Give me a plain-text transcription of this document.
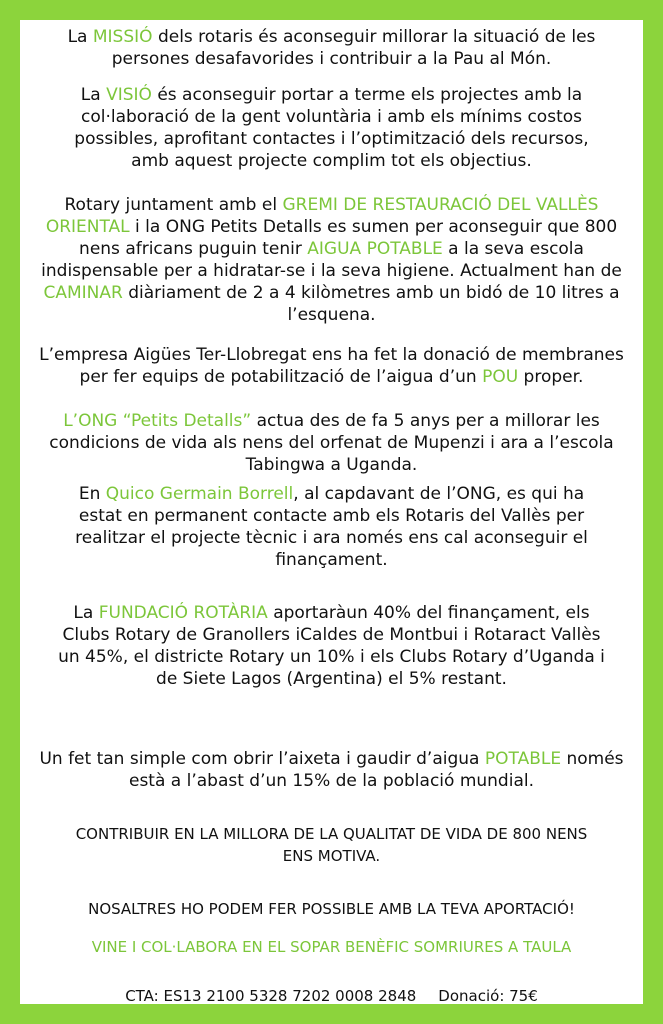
La MISSIÓ dels rotaris és aconseguir millorar la situació de les persones desafavorides i contribuir a la Pau al Món.

La VISIÓ és aconseguir portar a terme els projectes amb la col·laboració de la gent voluntària i amb els mínims costos possibles, aprofitant contactes i l’optimització dels recursos, amb aquest projecte complim tot els objectius.

Rotary juntament amb el GREMI DE RESTAURACIÓ DEL VALLÈS ORIENTAL i la ONG Petits Detalls es sumen per aconseguir que 800 nens africans puguin tenir AIGUA POTABLE a la seva escola indispensable per a hidratar-se i la seva higiene. Actualment han de CAMINAR diàriament de 2 a 4 kilòmetres amb un bidó de 10 litres a l’esquena.

L’empresa Aigües Ter-Llobregat ens ha fet la donació de membranes per fer equips de potabilització de l’aigua d’un POU proper.

L’ONG “Petits Detalls” actua des de fa 5 anys per a millorar les condicions de vida als nens del orfenat de Mupenzi i ara a l’escola Tabingwa a Uganda.

En Quico Germain Borrell, al capdavant de l’ONG, es qui ha estat en permanent contacte amb els Rotaris del Vallès per realitzar el projecte tècnic i ara només ens cal aconseguir el finançament.

La FUNDACIÓ ROTÀRIA aportaràun 40% del finançament, els Clubs Rotary de Granollers iCaldes de Montbui i Rotaract Vallès un 45%, el districte Rotary un 10% i els Clubs Rotary d’Uganda i de Siete Lagos (Argentina) el 5% restant.

Un fet tan simple com obrir l’aixeta i gaudir d’aigua POTABLE només està a l’abast d’un 15% de la població mundial.

CONTRIBUIR EN LA MILLORA DE LA QUALITAT DE VIDA DE 800 NENS ENS MOTIVA.

NOSALTRES HO PODEM FER POSSIBLE AMB LA TEVA APORTACIÓ!

VINE I COL·LABORA EN EL SOPAR BENÈFIC SOMRIURES A TAULA

CTA: ES13 2100 5328 7202 0008 2848 Donació: 75€
